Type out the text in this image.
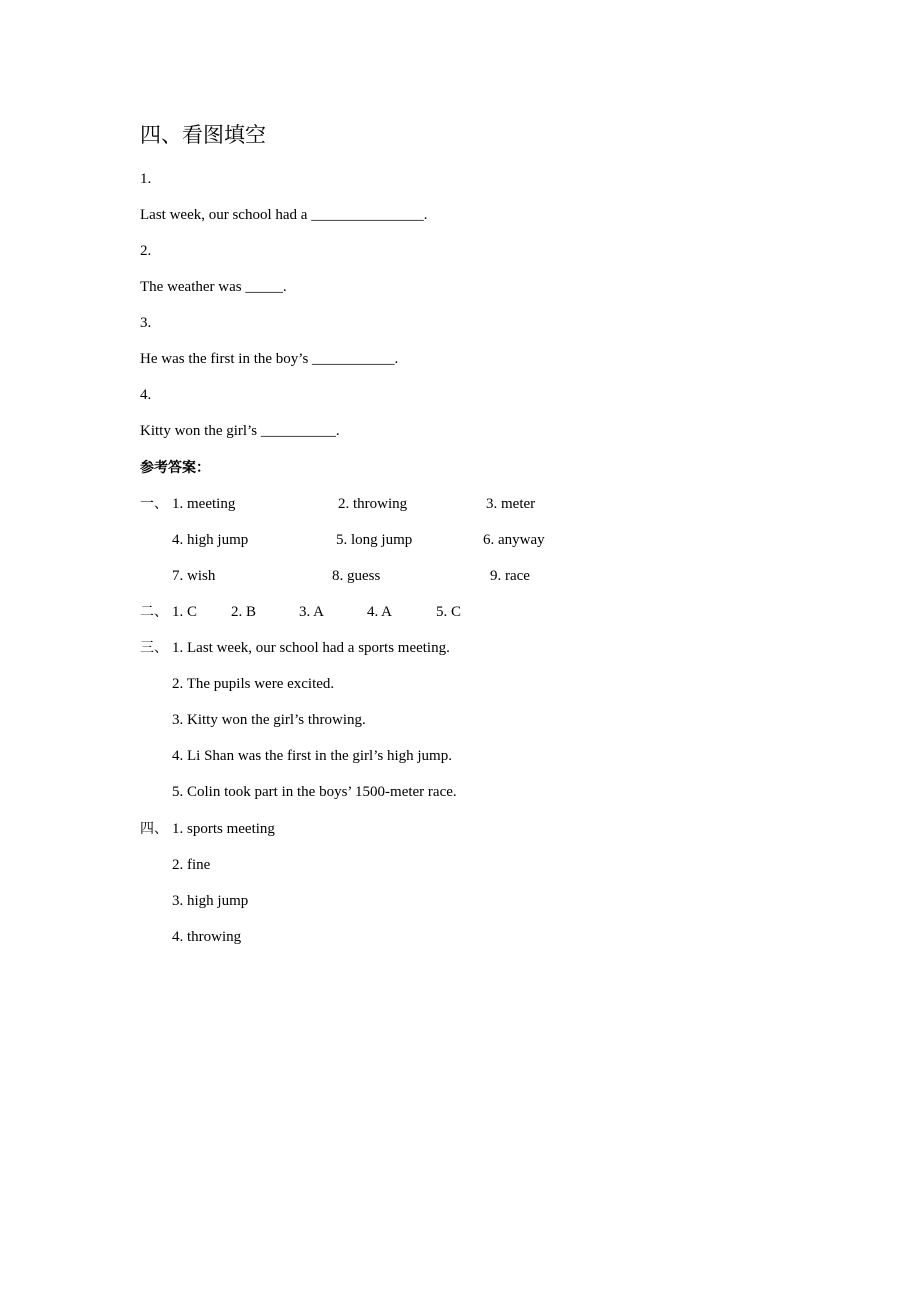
四、看图填空
1.
Last week, our school had a _______________.
2.
The weather was _____.
3.
He was the first in the boy’s ___________.
4.
Kitty won the girl’s __________.
参考答案：
一、 1. meeting	2. throwing	3. meter
4. high jump	5. long jump	6. anyway
7. wish	8. guess	9. race
二、 1. C 2. B	3. A	4. A	5. C
三、 1. Last week, our school had a sports meeting.
2. The pupils were excited.
3. Kitty won the girl’s throwing.
4. Li Shan was the first in the girl’s high jump.
5. Colin took part in the boys’ 1500-meter race.
四、 1. sports meeting
2. fine
3. high jump
4. throwing
